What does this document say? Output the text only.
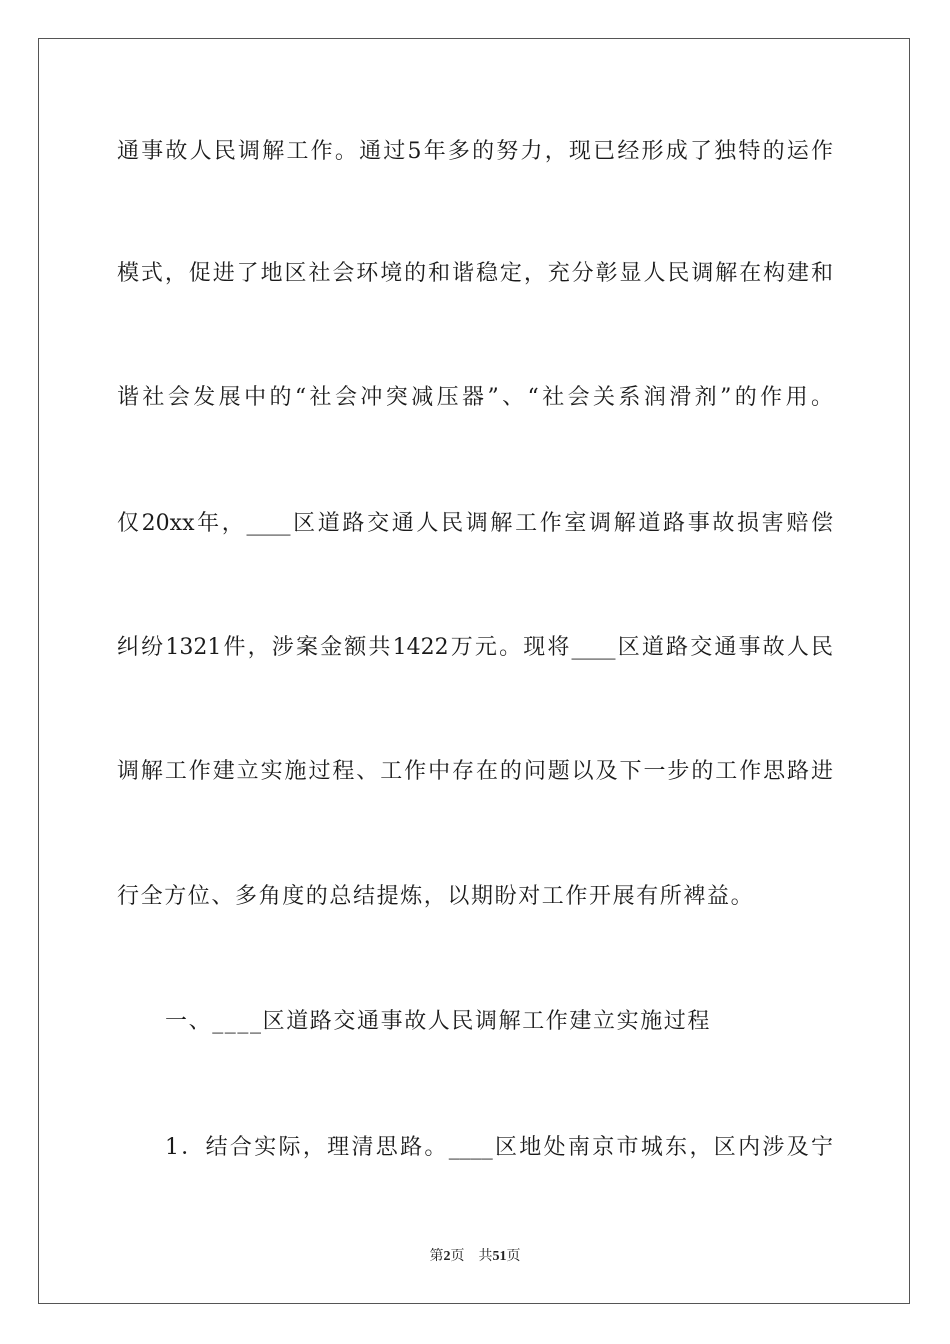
通事故人民调解工作。通过5年多的努力，现已经形成了独特的运作
模式，促进了地区社会环境的和谐稳定，充分彰显人民调解在构建和
谐社会发展中的“社会冲突减压器”、“社会关系润滑剂”的作用。
仅20xx年，____区道路交通人民调解工作室调解道路事故损害赔偿
纠纷1321件，涉案金额共1422万元。现将____区道路交通事故人民
调解工作建立实施过程、工作中存在的问题以及下一步的工作思路进
行全方位、多角度的总结提炼，以期盼对工作开展有所裨益。
一、____区道路交通事故人民调解工作建立实施过程
1．结合实际，理清思路。____区地处南京市城东，区内涉及宁
第2页　共51页
